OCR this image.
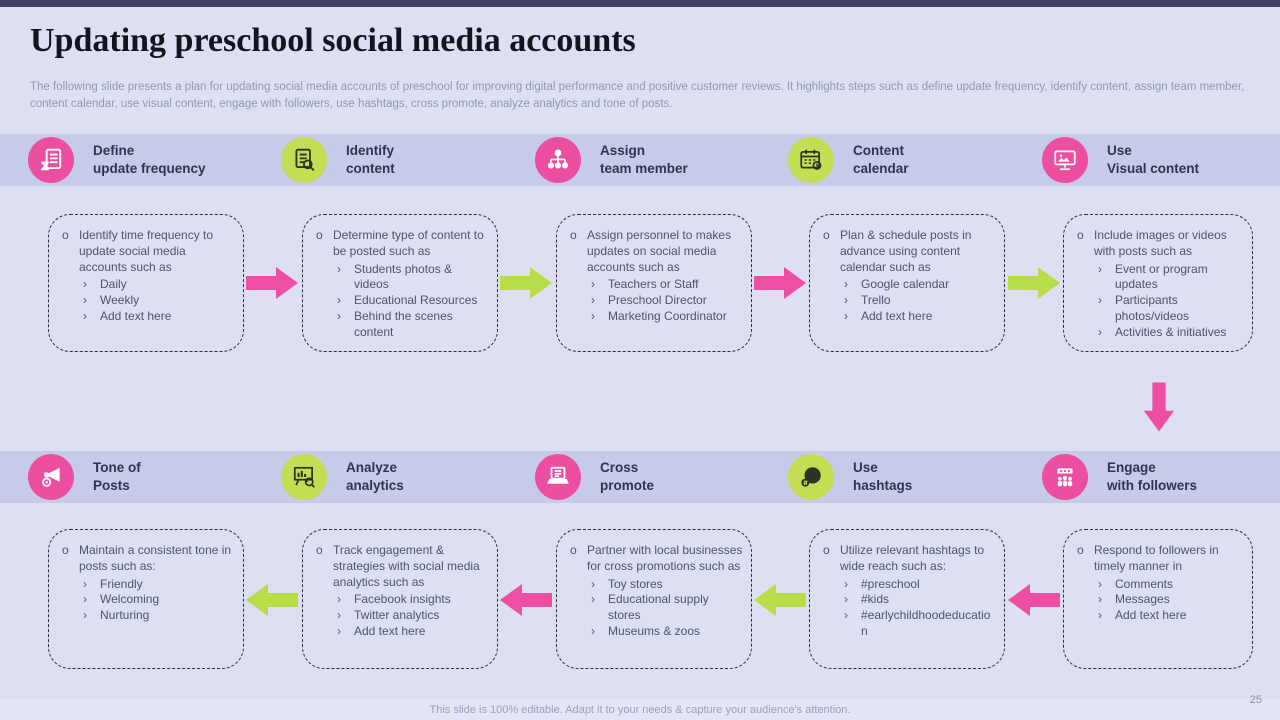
Updating preschool social media accounts

The following slide presents a plan for updating social media accounts of preschool for improving digital performance and positive customer reviews. It highlights steps such as define update frequency, identify content, assign team member, content calendar, use visual content, engage with followers, use hashtags, cross promote, analyze analytics and tone of posts.

Define
update frequency
Identify
content
Assign
team member
Content
calendar
Use
Visual content
o Identify time frequency to update social media accounts such as
› Daily
› Weekly
› Add text here
o Determine type of content to be posted such as
› Students photos & videos
› Educational Resources
› Behind the scenes content
o Assign personnel to makes updates on social media accounts such as
› Teachers or Staff
› Preschool Director
› Marketing Coordinator
o Plan & schedule posts in advance using content calendar such as
› Google calendar
› Trello
› Add text here
o Include images or videos with posts such as
› Event or program updates
› Participants photos/videos
› Activities & initiatives
Tone of
Posts
Analyze
analytics
Cross
promote
Use
hashtags
Engage
with followers
o Maintain a consistent tone in posts such as:
› Friendly
› Welcoming
› Nurturing
o Track engagement & strategies with social media analytics such as
› Facebook insights
› Twitter analytics
› Add text here
o Partner with local businesses for cross promotions such as
› Toy stores
› Educational supply stores
› Museums & zoos
o Utilize relevant hashtags to wide reach such as:
› #preschool
› #kids
› #earlychildhoodeducation
o Respond to followers in timely manner in
› Comments
› Messages
› Add text here
This slide is 100% editable. Adapt it to your needs & capture your audience's attention.
25
